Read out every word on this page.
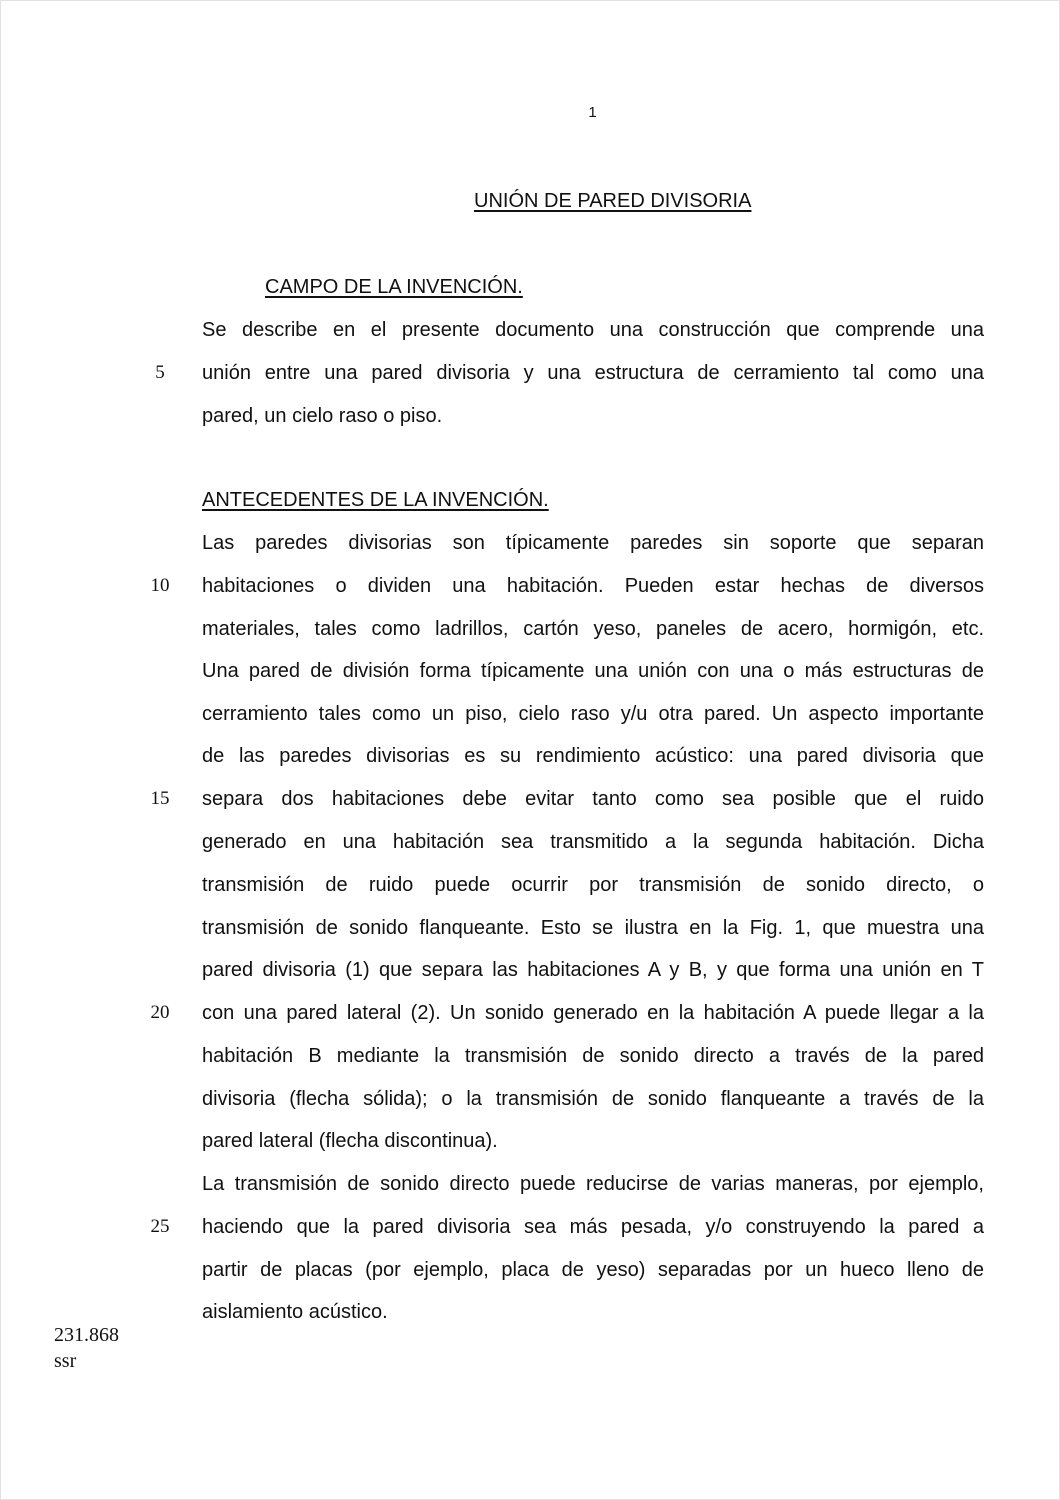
1
UNIÓN DE PARED DIVISORIA
CAMPO DE LA INVENCIÓN.
Se describe en el presente documento una construcción que comprende una
unión entre una pared divisoria y una estructura de cerramiento tal como una
pared, un cielo raso o piso.
ANTECEDENTES DE LA INVENCIÓN.
Las paredes divisorias son típicamente paredes sin soporte que separan
habitaciones o dividen una habitación. Pueden estar hechas de diversos
materiales, tales como ladrillos, cartón yeso, paneles de acero, hormigón, etc.
Una pared de división forma típicamente una unión con una o más estructuras de
cerramiento tales como un piso, cielo raso y/u otra pared. Un aspecto importante
de las paredes divisorias es su rendimiento acústico: una pared divisoria que
separa dos habitaciones debe evitar tanto como sea posible que el ruido
generado en una habitación sea transmitido a la segunda habitación. Dicha
transmisión de ruido puede ocurrir por transmisión de sonido directo, o
transmisión de sonido flanqueante. Esto se ilustra en la Fig. 1, que muestra una
pared divisoria (1) que separa las habitaciones A y B, y que forma una unión en T
con una pared lateral (2). Un sonido generado en la habitación A puede llegar a la
habitación B mediante la transmisión de sonido directo a través de la pared
divisoria (flecha sólida); o la transmisión de sonido flanqueante a través de la
pared lateral (flecha discontinua).
La transmisión de sonido directo puede reducirse de varias maneras, por ejemplo,
haciendo que la pared divisoria sea más pesada, y/o construyendo la pared a
partir de placas (por ejemplo, placa de yeso) separadas por un hueco lleno de
aislamiento acústico.
5
10
15
20
25
231.868
ssr
